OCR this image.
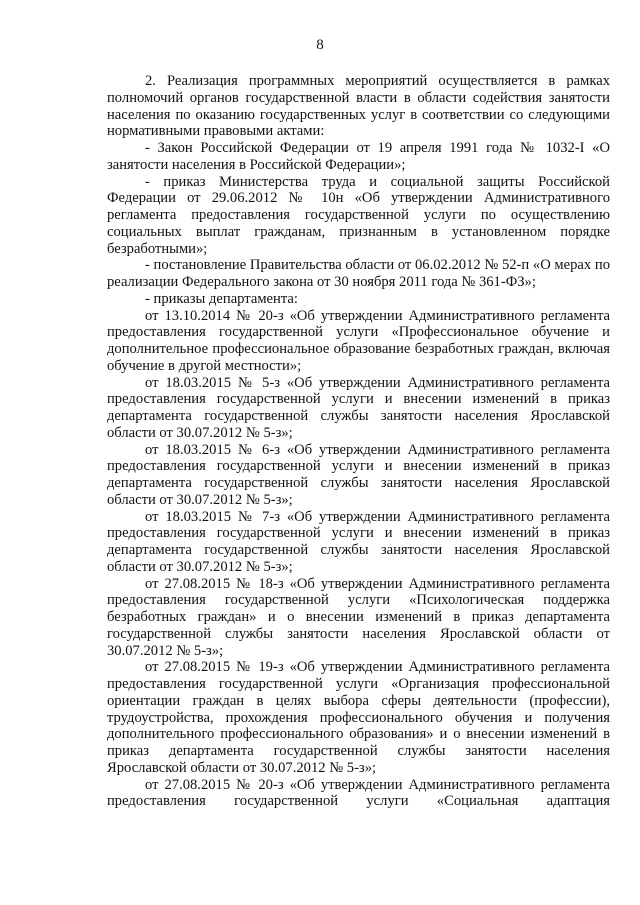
8

2. Реализация программных мероприятий осуществляется в рамках полномочий органов государственной власти в области содействия занятости населения по оказанию государственных услуг в соответствии со следующими нормативными правовыми актами:

- Закон Российской Федерации от 19 апреля 1991 года № 1032-I «О занятости населения в Российской Федерации»;

- приказ Министерства труда и социальной защиты Российской Федерации от 29.06.2012 № 10н «Об утверждении Административного регламента предоставления государственной услуги по осуществлению социальных выплат гражданам, признанным в установленном порядке безработными»;

- постановление Правительства области от 06.02.2012 № 52-п «О мерах по реализации Федерального закона от 30 ноября 2011 года № 361-ФЗ»;

- приказы департамента:

от 13.10.2014 № 20-з «Об утверждении Административного регламента предоставления государственной услуги «Профессиональное обучение и дополнительное профессиональное образование безработных граждан, включая обучение в другой местности»;

от 18.03.2015 № 5-з «Об утверждении Административного регламента предоставления государственной услуги и внесении изменений в приказ департамента государственной службы занятости населения Ярославской области от 30.07.2012 № 5-з»;

от 18.03.2015 № 6-з «Об утверждении Административного регламента предоставления государственной услуги и внесении изменений в приказ департамента государственной службы занятости населения Ярославской области от 30.07.2012 № 5-з»;

от 18.03.2015 № 7-з «Об утверждении Административного регламента предоставления государственной услуги и внесении изменений в приказ департамента государственной службы занятости населения Ярославской области от 30.07.2012 № 5-з»;

от 27.08.2015 № 18-з «Об утверждении Административного регламента предоставления государственной услуги «Психологическая поддержка безработных граждан» и о внесении изменений в приказ департамента государственной службы занятости населения Ярославской области от 30.07.2012 № 5-з»;

от 27.08.2015 № 19-з «Об утверждении Административного регламента предоставления государственной услуги «Организация профессиональной ориентации граждан в целях выбора сферы деятельности (профессии), трудоустройства, прохождения профессионального обучения и получения дополнительного профессионального образования» и о внесении изменений в приказ департамента государственной службы занятости населения Ярославской области от 30.07.2012 № 5-з»;

от 27.08.2015 № 20-з «Об утверждении Административного регламента предоставления государственной услуги «Социальная адаптация
